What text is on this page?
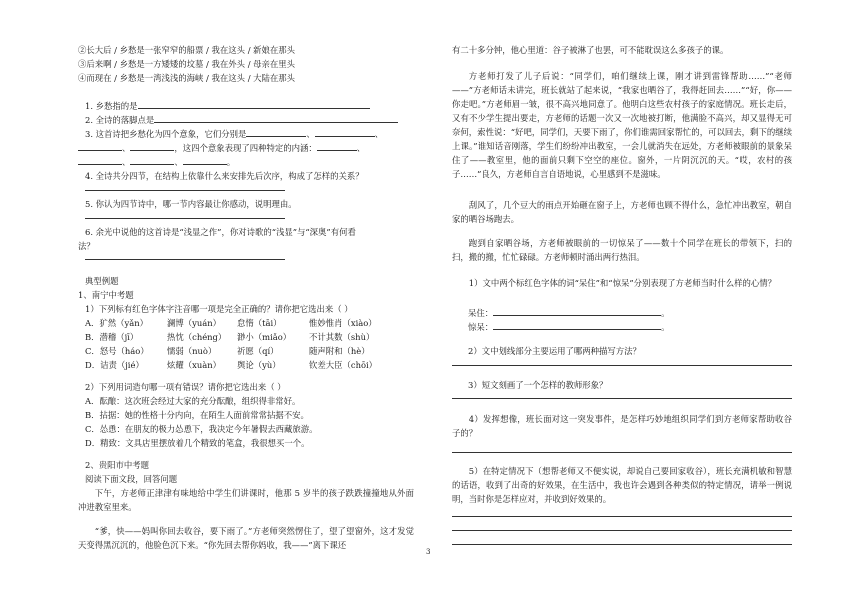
②长大后 / 乡愁是一张窄窄的船票 / 我在这头 / 新娘在那头
③后来啊 / 乡愁是一方矮矮的坟墓 / 我在外头 / 母亲在里头
④而现在 / 乡愁是一湾浅浅的海峡 / 我在这头 / 大陆在那头
1. 乡愁指的是
2. 全诗的落脚点是
3. 这首诗把乡愁化为四个意象，它们分别是	、	、
、	，这四个意象表现了四种特定的内涵：	、
、	、	。
4. 全诗共分四节，在结构上依靠什么来安排先后次序，构成了怎样的关系？
5. 你认为四节诗中，哪一节内容最让你感动，说明理由。
6. 余光中说他的这首诗是“浅显之作”，你对诗歌的“浅显”与“深奥”有何看
法？
典型例题
1、南宁中考题
1）下列标有红色字体字注音哪一项是完全正确的？请你把它选出来（ ）
A．犷然（yǎn） 澜博（yuán） 怠惰（tāi）	惟妙惟肖（xiào）
B．潜稽（jī）	热忱（chéng） 渺小（miǎo） 不计其数（shù）
C．怒号（háo） 懦弱（nuò） 祈愿（qí）	随声附和（hè）
D．诘责（jié）	炫耀（xuàn） 舆论（yù）	钦差大臣（chōi）
2）下列用词造句哪一项有错误？请你把它选出来（ ）
A．酝酿：这次班会经过大家的充分酝酿，组织得非常好。
B．拈据：她的性格十分内向，在陌生人面前常常拈据不安。
C．怂恿：在朋友的极力怂恿下，我决定今年暑假去西藏旅游。
D．精致：文具店里摆放着几个精致的笔盒，我很想买一个。
2、贵阳市中考题
阅读下面文段，回答问题
下午，方老师正津津有味地给中学生们讲课时，他那 5 岁半的孩子跌跌撞撞地从外面冲进教室里来。
“爹，快——妈叫你回去收谷，要下雨了。”方老师突然愣住了，望了望窗外，这才发觉天变得黑沉沉的，他脸色沉下来。“你先回去帮你妈收，我——”离下课还
有二十多分钟，他心里道：谷子被淋了也罢，可不能耽误这么多孩子的课。
方老师打发了儿子后说：“同学们，咱们继续上课，刚才讲到雷锋帮助……”“老师——”方老师话未讲完，班长就站了起来说，“我家也晒谷了，我得赶回去……”“好，你——你走吧。”方老师眉一皱，很不高兴地同意了。他明白这些农村孩子的家庭情况。班长走后，又有不少学生提出要走，方老师的话题一次又一次地被打断，他满脸不高兴，却又显得无可奈何，索性说：“好吧，同学们，天要下雨了，你们谁需回家帮忙的，可以回去，剩下的继续上课。”谁知话音刚落，学生们纷纷冲出教室，一会儿就消失在远处，方老师被眼前的景象呆住了——教室里，他的面前只剩下空空的座位。窗外，一片阴沉沉的天。“哎，农村的孩子……”良久，方老师自言自语地说，心里感到不是滋味。
刮风了，几个豆大的雨点开始砸在窗子上，方老师也顾不得什么，急忙冲出教室，朝自家的晒谷场跑去。
跑到自家晒谷场，方老师被眼前的一切惊呆了——数十个同学在班长的带领下，扫的扫，搬的搬，忙忙碌碌。方老师顿时涌出两行热泪。
1）文中两个标红色字体的词“呆住”和“惊呆”分别表现了方老师当时什么样的心情？
呆住：	。
惊呆：	。
2）文中划线部分主要运用了哪两种描写方法？
3）短文刻画了一个怎样的教师形象？
4）发挥想像，班长面对这一突发事件，是怎样巧妙地组织同学们到方老师家帮助收谷子的？
5）在特定情况下（想帮老师又不便实说，却说自己要回家收谷），班长充满机敏和智慧的话语，收到了出奇的好效果，在生活中，我也许会遇到各种类似的特定情况，请举一例说明，当时你是怎样应对，并收到好效果的。
3
